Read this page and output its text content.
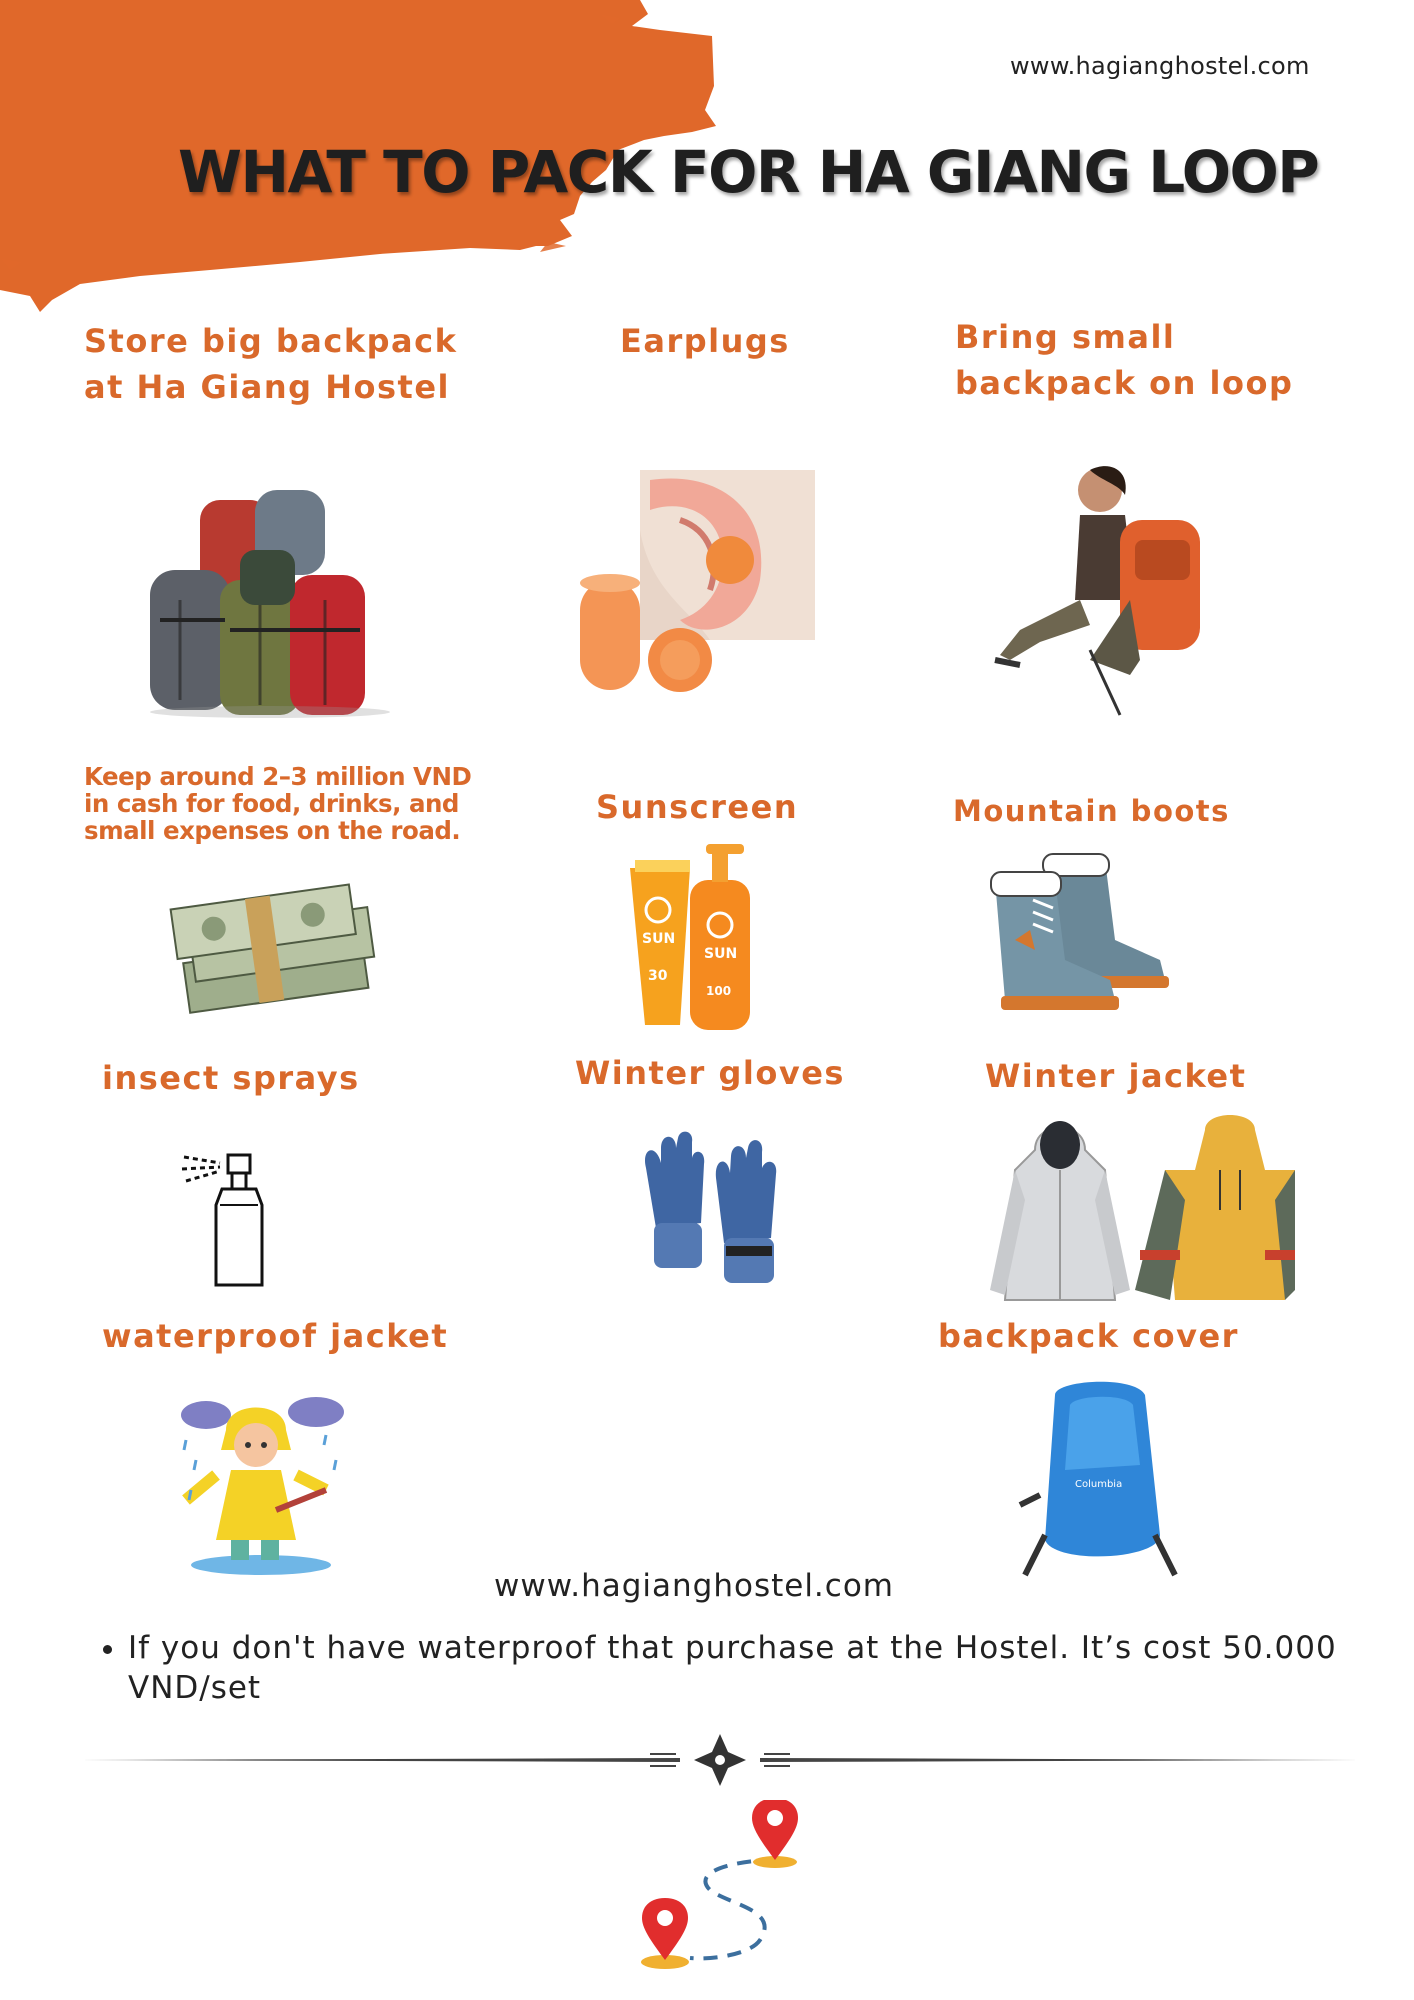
www.hagianghostel.com
WHAT TO PACK FOR HA GIANG LOOP
Store big backpack
at Ha Giang Hostel
Earplugs	Bring small
backpack on loop
Keep around 2–3 million VND
in cash for food, drinks, and
small expenses on the road.
Sunscreen	Mountain boots
SUN
30
SUN
100
insect sprays	Winter gloves	Winter jacket
waterproof jacket	backpack cover
Columbia
www.hagianghostel.com
• If you don't have waterproof that purchase at the Hostel. It’s cost 50.000 VND/set
